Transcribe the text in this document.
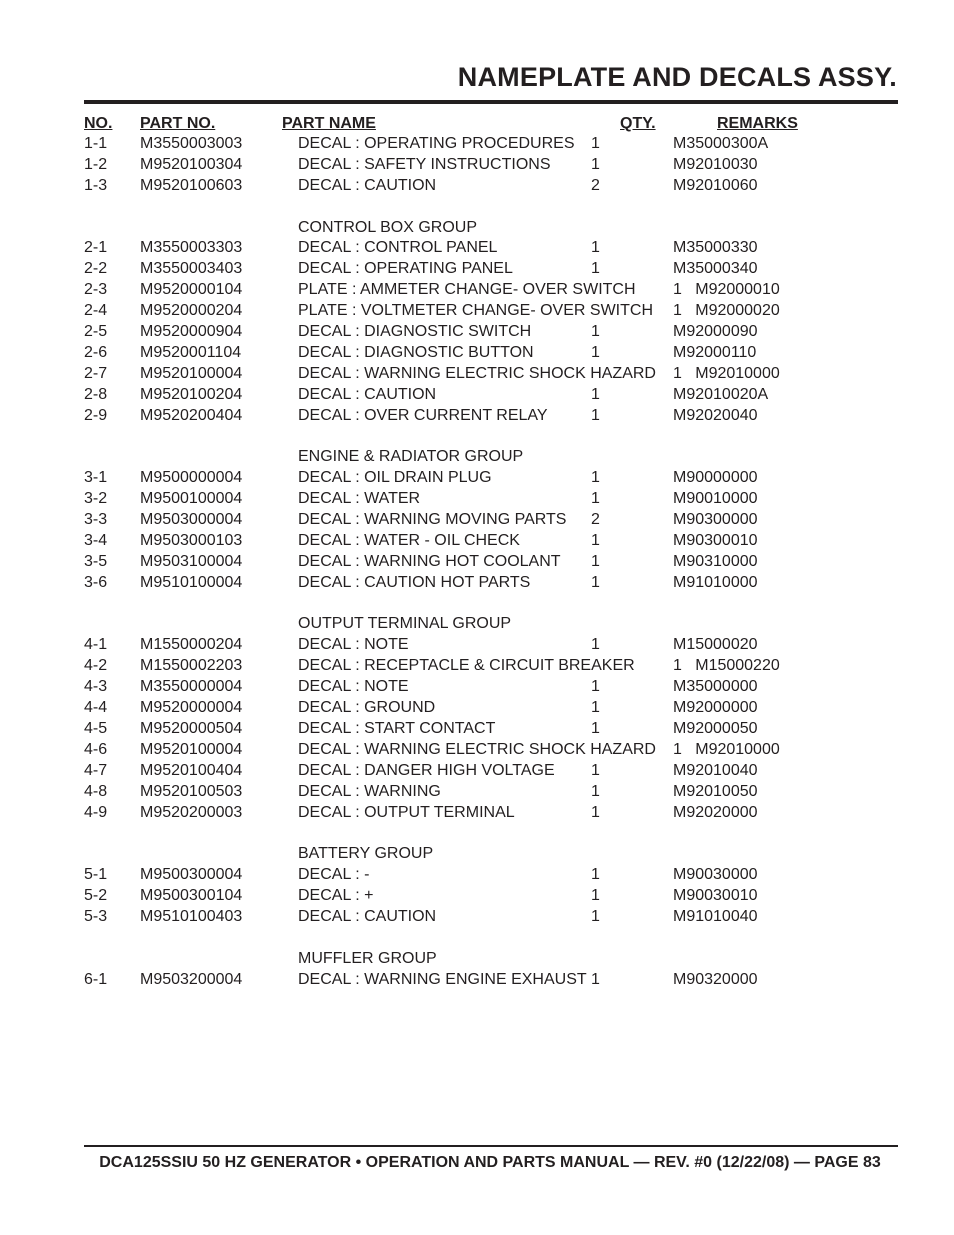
NAMEPLATE AND DECALS ASSY.
NO. PART NO.	PART NAME	QTY.	REMARKS
1-1 M3550003003	DECAL : OPERATING PROCEDURES 1	M35000300A
1-2 M9520100304	DECAL : SAFETY INSTRUCTIONS	1	M92010030
1-3 M9520100603	DECAL : CAUTION	2	M92010060
CONTROL BOX GROUP
2-1 M3550003303	DECAL : CONTROL PANEL	1	M35000330
2-2 M3550003403	DECAL : OPERATING PANEL	1	M35000340
2-3 M9520000104	PLATE : AMMETER CHANGE- OVER SWITCH 1   M92000010
2-4 M9520000204	PLATE : VOLTMETER CHANGE- OVER SWITCH 1   M92000020
2-5 M9520000904	DECAL : DIAGNOSTIC SWITCH	1	M92000090
2-6 M9520001104	DECAL : DIAGNOSTIC BUTTON	1	M92000110
2-7 M9520100004	DECAL : WARNING ELECTRIC SHOCK HAZARD 1   M92010000
2-8 M9520100204	DECAL : CAUTION	1	M92010020A
2-9 M9520200404	DECAL : OVER CURRENT RELAY	1	M92020040
ENGINE & RADIATOR GROUP
3-1 M9500000004	DECAL : OIL DRAIN PLUG	1	M90000000
3-2 M9500100004	DECAL : WATER	1	M90010000
3-3 M9503000004	DECAL : WARNING MOVING PARTS 2	M90300000
3-4 M9503000103	DECAL : WATER - OIL CHECK	1	M90300010
3-5 M9503100004	DECAL : WARNING HOT COOLANT 1	M90310000
3-6 M9510100004	DECAL : CAUTION HOT PARTS	1	M91010000
OUTPUT TERMINAL GROUP
4-1 M1550000204	DECAL : NOTE	1	M15000020
4-2 M1550002203	DECAL : RECEPTACLE & CIRCUIT BREAKER 1   M15000220
4-3 M3550000004	DECAL : NOTE	1	M35000000
4-4 M9520000004	DECAL : GROUND	1	M92000000
4-5 M9520000504	DECAL : START CONTACT	1	M92000050
4-6 M9520100004	DECAL : WARNING ELECTRIC SHOCK HAZARD 1   M92010000
4-7 M9520100404	DECAL : DANGER HIGH VOLTAGE 1	M92010040
4-8 M9520100503	DECAL : WARNING	1	M92010050
4-9 M9520200003	DECAL : OUTPUT TERMINAL	1	M92020000
BATTERY GROUP
5-1 M9500300004	DECAL : -	1	M90030000
5-2 M9500300104	DECAL : +	1	M90030010
5-3 M9510100403	DECAL : CAUTION	1	M91010040
MUFFLER GROUP
6-1 M9503200004	DECAL : WARNING ENGINE EXHAUST 1	M90320000
DCA125SSIU 50 HZ GENERATOR • OPERATION AND PARTS MANUAL — REV. #0 (12/22/08) — PAGE 83
